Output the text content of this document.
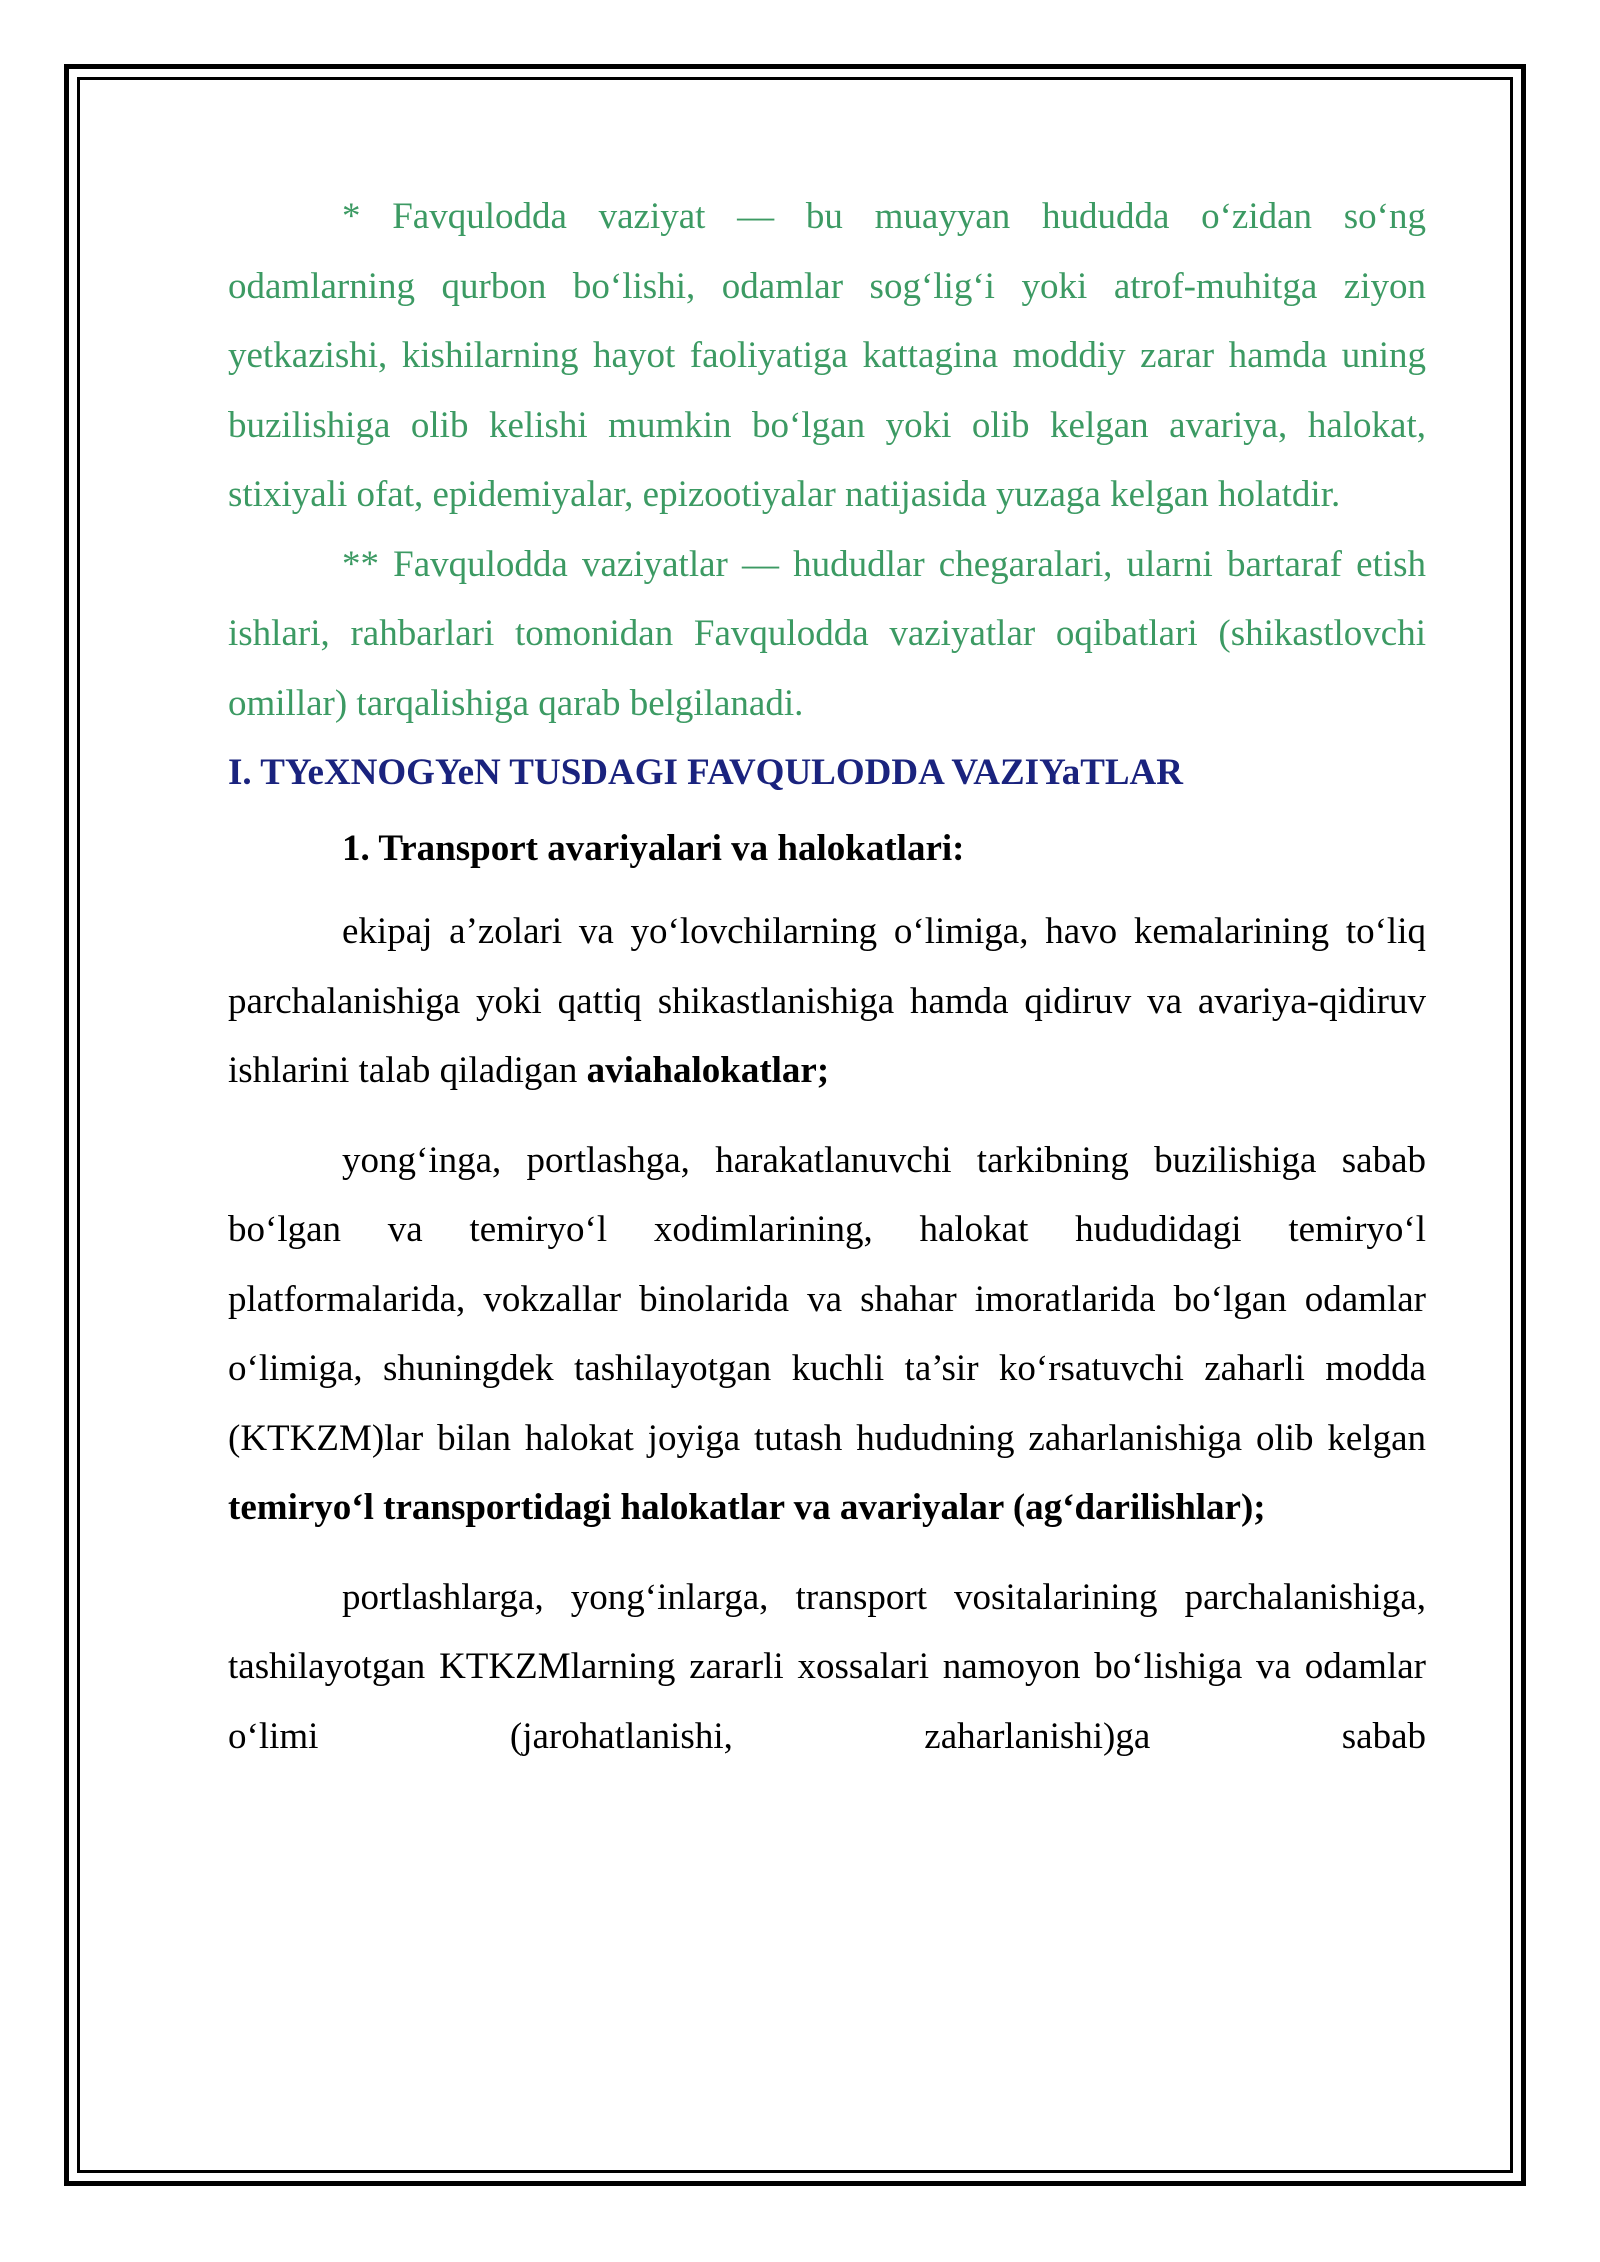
* Favqulodda vaziyat — bu muayyan hududda o‘zidan so‘ng odamlarning qurbon bo‘lishi, odamlar sog‘lig‘i yoki atrof-muhitga ziyon yetkazishi, kishilarning hayot faoliyatiga kattagina moddiy zarar hamda uning buzilishiga olib kelishi mumkin bo‘lgan yoki olib kelgan avariya, halokat, stixiyali ofat, epidemiyalar, epizootiyalar natijasida yuzaga kelgan holatdir.

** Favqulodda vaziyatlar — hududlar chegaralari, ularni bartaraf etish ishlari, rahbarlari tomonidan Favqulodda vaziyatlar oqibatlari (shikastlovchi omillar) tarqalishiga qarab belgilanadi.

I. TYeXNOGYeN TUSDAGI FAVQULODDA VAZIYaTLAR

1. Transport avariyalari va halokatlari:

ekipaj a’zolari va yo‘lovchilarning o‘limiga, havo kemalarining to‘liq parchalanishiga yoki qattiq shikastlanishiga hamda qidiruv va avariya-qidiruv ishlarini talab qiladigan aviahalokatlar;

yong‘inga, portlashga, harakatlanuvchi tarkibning buzilishiga sabab bo‘lgan va temiryo‘l xodimlarining, halokat hududidagi temiryo‘l platformalarida, vokzallar binolarida va shahar imoratlarida bo‘lgan odamlar o‘limiga, shuningdek tashilayotgan kuchli ta’sir ko‘rsatuvchi zaharli modda (KTKZM)lar bilan halokat joyiga tutash hududning zaharlanishiga olib kelgan temiryo‘l transportidagi halokatlar va avariyalar (ag‘darilishlar);

portlashlarga, yong‘inlarga, transport vositalarining parchalanishiga, tashilayotgan KTKZMlarning zararli xossalari namoyon bo‘lishiga va odamlar o‘limi (jarohatlanishi, zaharlanishi)ga sabab
